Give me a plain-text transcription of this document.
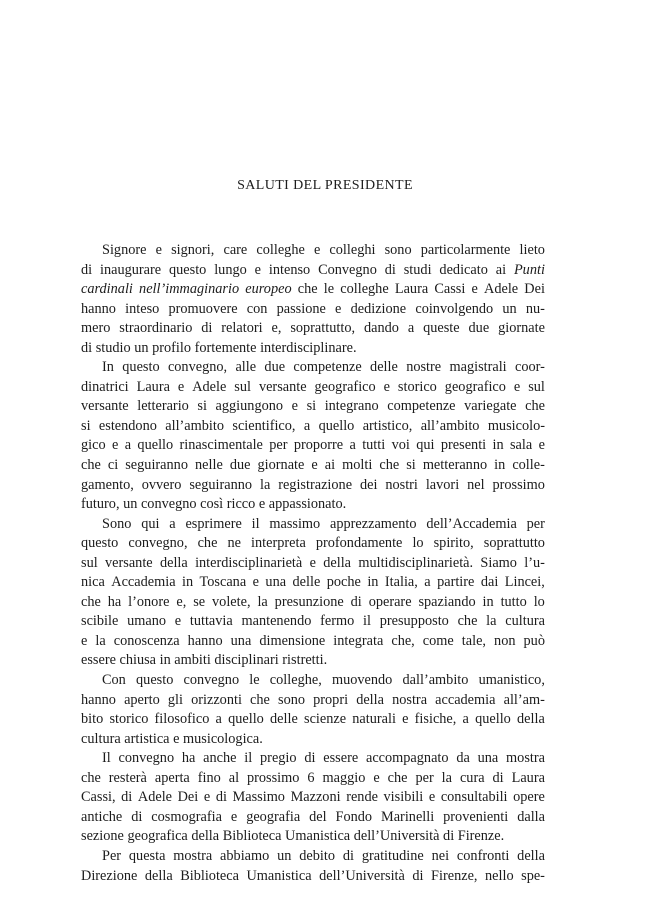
SALUTI DEL PRESIDENTE
Signore e signori, care colleghe e colleghi sono particolarmente lieto
di inaugurare questo lungo e intenso Convegno di studi dedicato ai Punti
cardinali nell’immaginario europeo che le colleghe Laura Cassi e Adele Dei
hanno inteso promuovere con passione e dedizione coinvolgendo un nu-
mero straordinario di relatori e, soprattutto, dando a queste due giornate
di studio un profilo fortemente interdisciplinare.
In questo convegno, alle due competenze delle nostre magistrali coor-
dinatrici Laura e Adele sul versante geografico e storico geografico e sul
versante letterario si aggiungono e si integrano competenze variegate che
si estendono all’ambito scientifico, a quello artistico, all’ambito musicolo-
gico e a quello rinascimentale per proporre a tutti voi qui presenti in sala e
che ci seguiranno nelle due giornate e ai molti che si metteranno in colle-
gamento, ovvero seguiranno la registrazione dei nostri lavori nel prossimo
futuro, un convegno così ricco e appassionato.
Sono qui a esprimere il massimo apprezzamento dell’Accademia per
questo convegno, che ne interpreta profondamente lo spirito, soprattutto
sul versante della interdisciplinarietà e della multidisciplinarietà. Siamo l’u-
nica Accademia in Toscana e una delle poche in Italia, a partire dai Lincei,
che ha l’onore e, se volete, la presunzione di operare spaziando in tutto lo
scibile umano e tuttavia mantenendo fermo il presupposto che la cultura
e la conoscenza hanno una dimensione integrata che, come tale, non può
essere chiusa in ambiti disciplinari ristretti.
Con questo convegno le colleghe, muovendo dall’ambito umanistico,
hanno aperto gli orizzonti che sono propri della nostra accademia all’am-
bito storico filosofico a quello delle scienze naturali e fisiche, a quello della
cultura artistica e musicologica.
Il convegno ha anche il pregio di essere accompagnato da una mostra
che resterà aperta fino al prossimo 6 maggio e che per la cura di Laura
Cassi, di Adele Dei e di Massimo Mazzoni rende visibili e consultabili opere
antiche di cosmografia e geografia del Fondo Marinelli provenienti dalla
sezione geografica della Biblioteca Umanistica dell’Università di Firenze.
Per questa mostra abbiamo un debito di gratitudine nei confronti della
Direzione della Biblioteca Umanistica dell’Università di Firenze, nello spe-
